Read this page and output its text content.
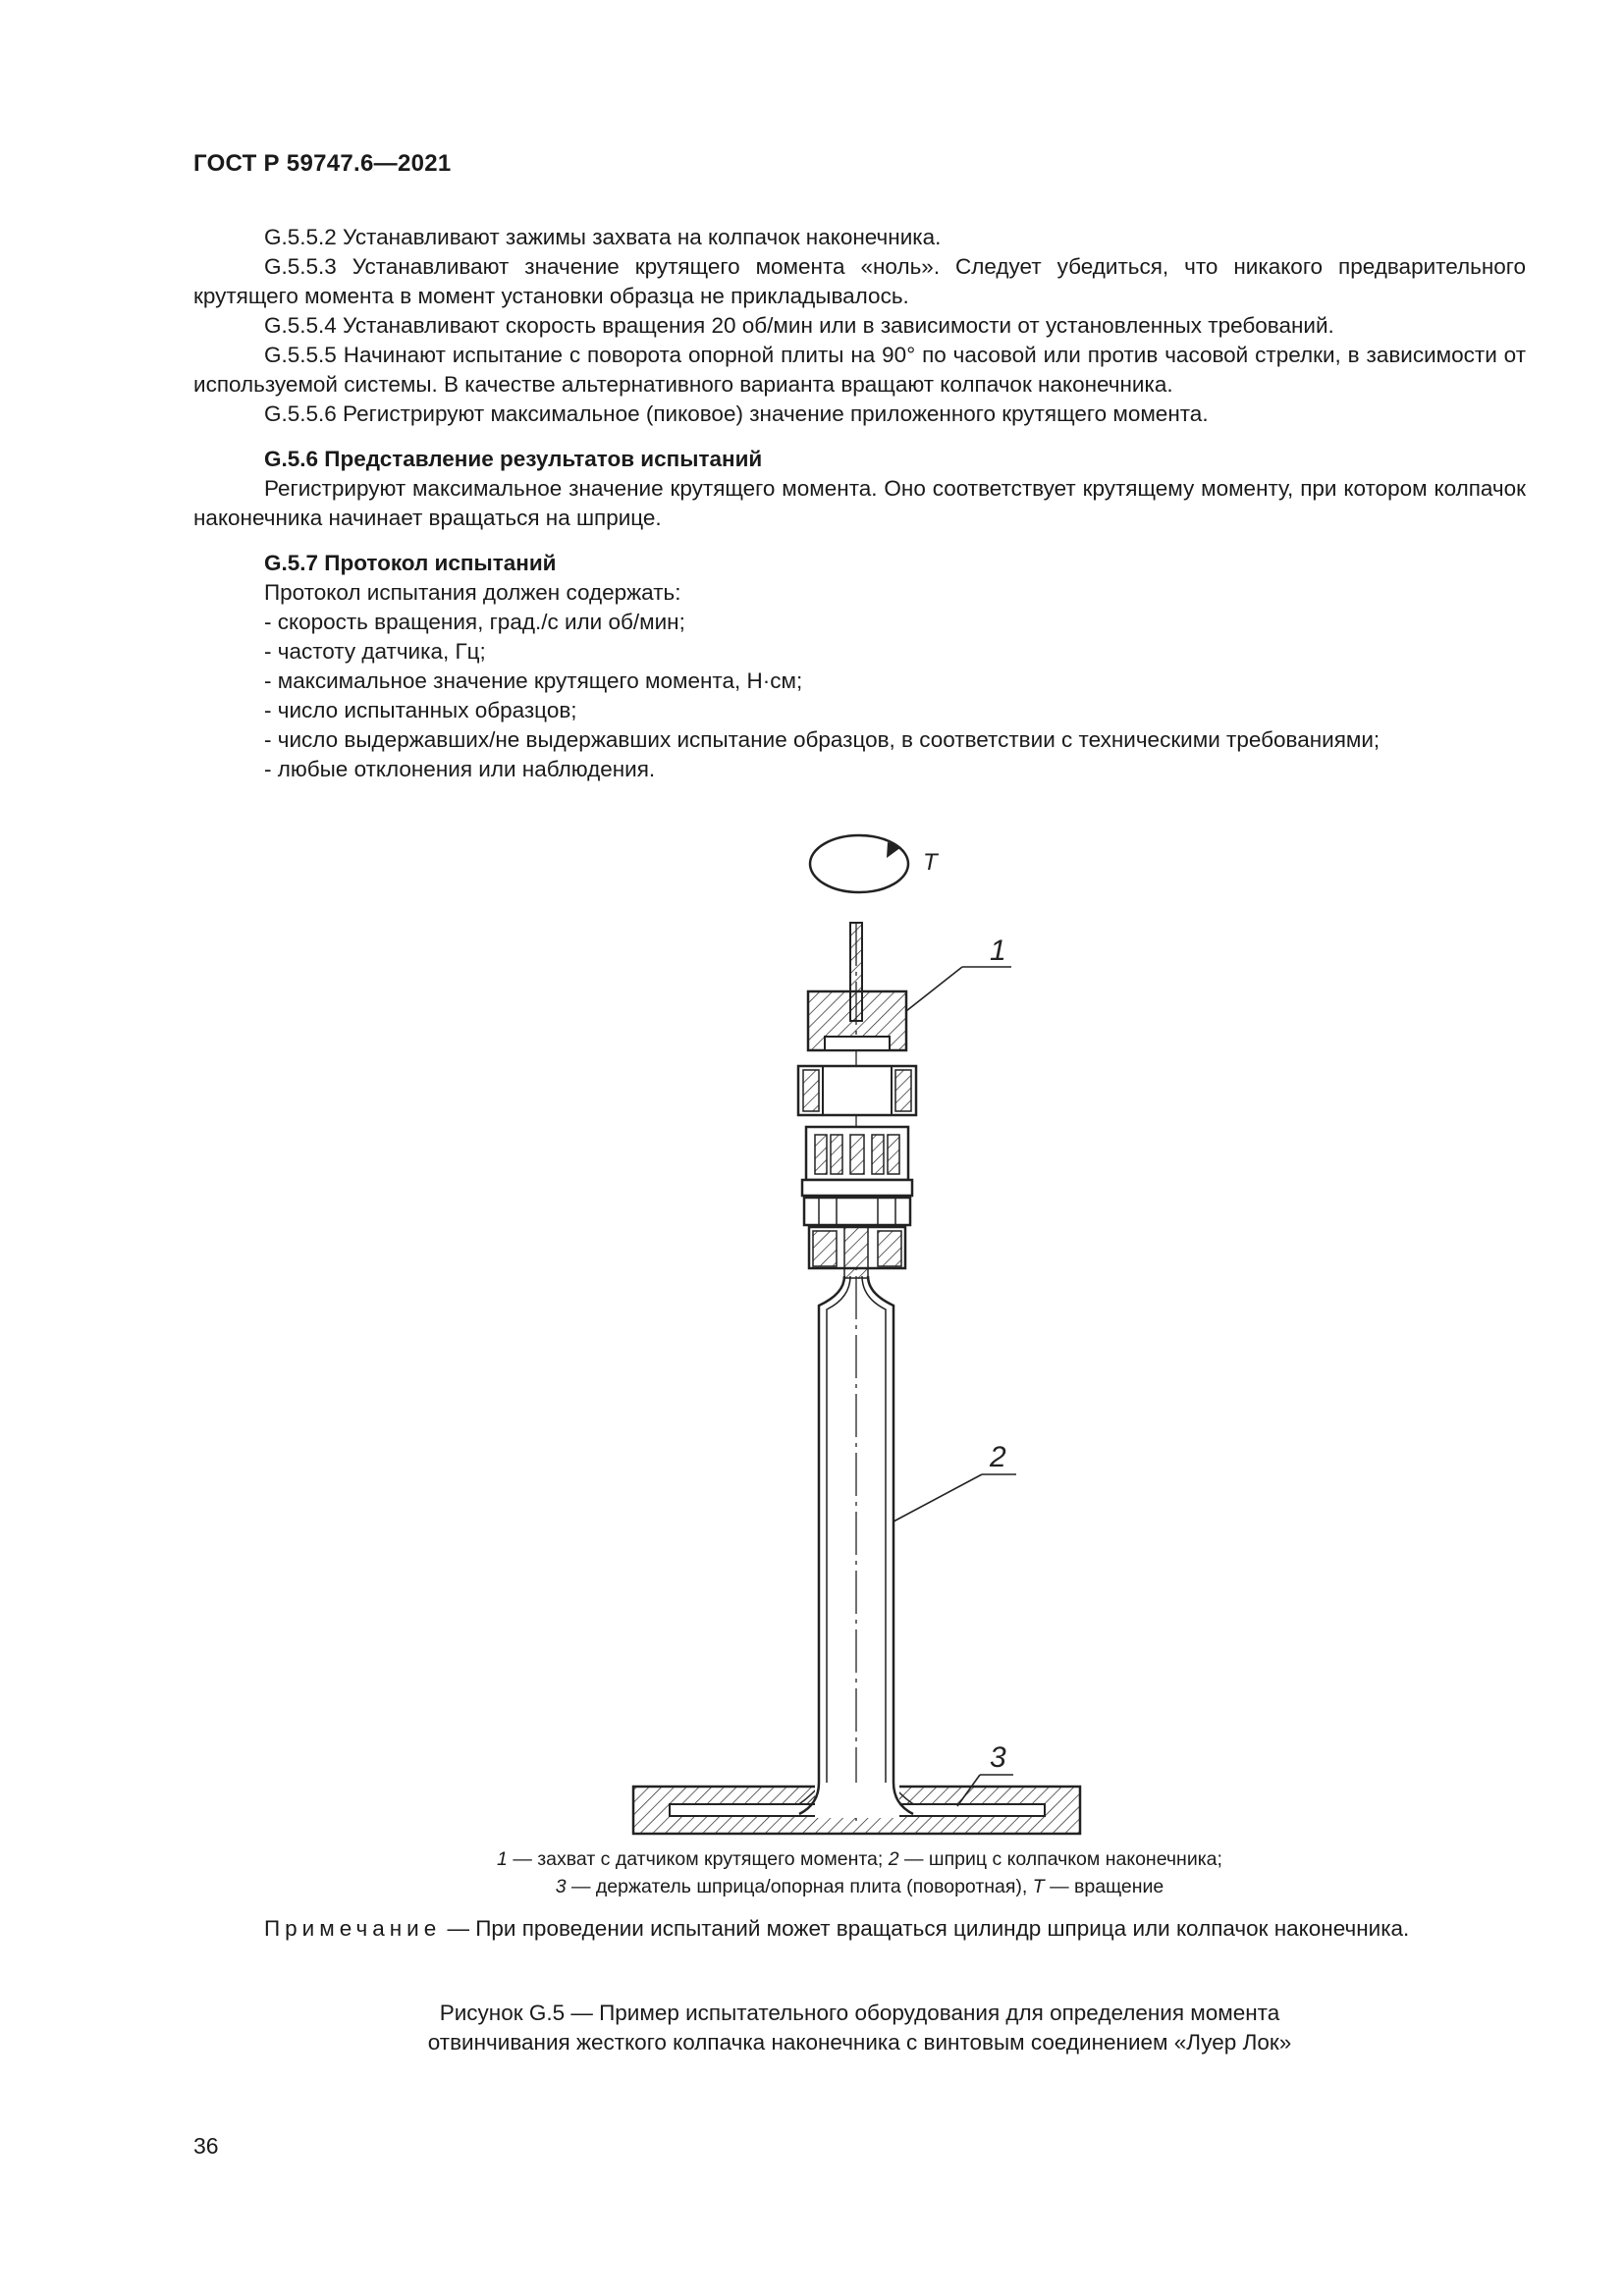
ГОСТ Р 59747.6—2021

G.5.5.2 Устанавливают зажимы захвата на колпачок наконечника.

G.5.5.3 Устанавливают значение крутящего момента «ноль». Следует убедиться, что никакого предварительного крутящего момента в момент установки образца не прикладывалось.

G.5.5.4 Устанавливают скорость вращения 20 об/мин или в зависимости от установленных требований.

G.5.5.5 Начинают испытание с поворота опорной плиты на 90° по часовой или против часовой стрелки, в зависимости от используемой системы. В качестве альтернативного варианта вращают колпачок наконечника.

G.5.5.6 Регистрируют максимальное (пиковое) значение приложенного крутящего момента.

G.5.6 Представление результатов испытаний

Регистрируют максимальное значение крутящего момента. Оно соответствует крутящему моменту, при котором колпачок наконечника начинает вращаться на шприце.

G.5.7 Протокол испытаний

Протокол испытания должен содержать:

- скорость вращения, град./с или об/мин;

- частоту датчика, Гц;

- максимальное значение крутящего момента, Н·см;

- число испытанных образцов;

- число выдержавших/не выдержавших испытание образцов, в соответствии с техническими требованиями;

- любые отклонения или наблюдения.

T
1
2
3
1 — захват с датчиком крутящего момента; 2 — шприц с колпачком наконечника;
3 — держатель шприца/опорная плита (поворотная), T — вращение

Примечание — При проведении испытаний может вращаться цилиндр шприца или колпачок наконечника.

Рисунок G.5 — Пример испытательного оборудования для определения момента
отвинчивания жесткого колпачка наконечника с винтовым соединением «Луер Лок»
36
